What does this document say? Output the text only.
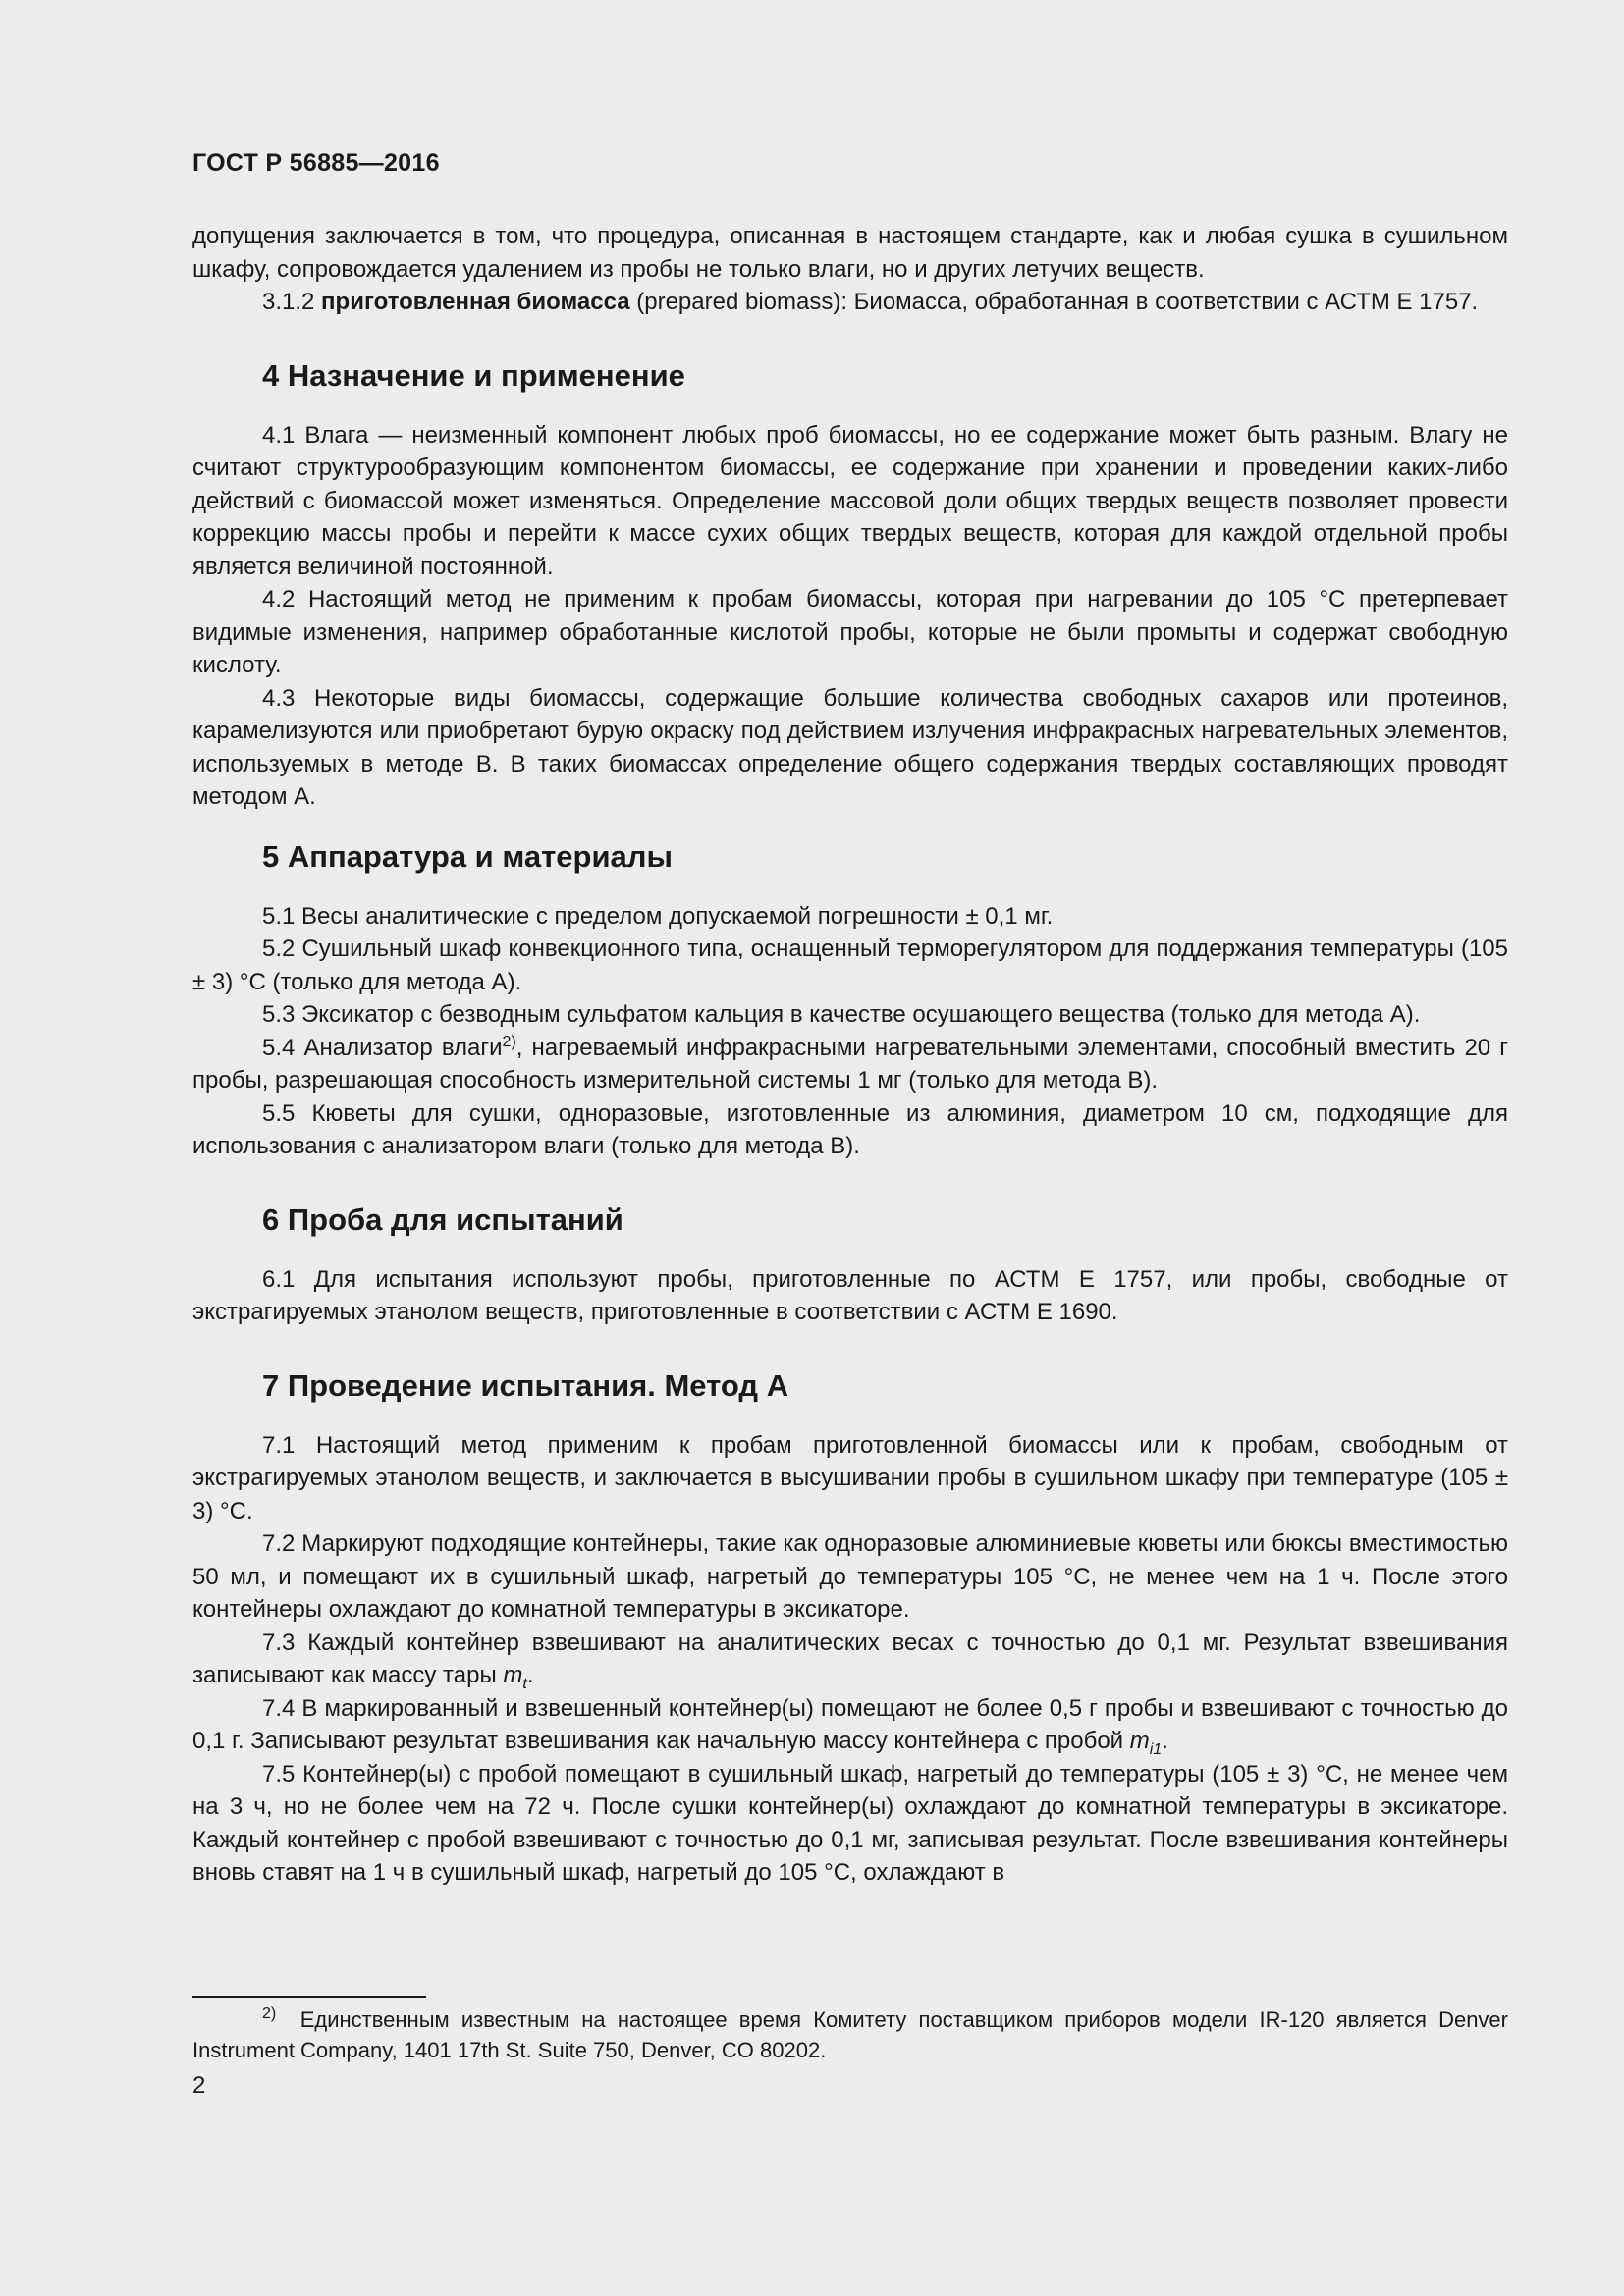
ГОСТ Р 56885—2016

допущения заключается в том, что процедура, описанная в настоящем стандарте, как и любая сушка в сушильном шкафу, сопровождается удалением из пробы не только влаги, но и других летучих веществ.

3.1.2 приготовленная биомасса (prepared biomass): Биомасса, обработанная в соответствии с АСТМ Е 1757.

4 Назначение и применение

4.1 Влага — неизменный компонент любых проб биомассы, но ее содержание может быть разным. Влагу не считают структурообразующим компонентом биомассы, ее содержание при хранении и проведении каких-либо действий с биомассой может изменяться. Определение массовой доли общих твердых веществ позволяет провести коррекцию массы пробы и перейти к массе сухих общих твердых веществ, которая для каждой отдельной пробы является величиной постоянной.

4.2 Настоящий метод не применим к пробам биомассы, которая при нагревании до 105 °С претерпевает видимые изменения, например обработанные кислотой пробы, которые не были промыты и содержат свободную кислоту.

4.3 Некоторые виды биомассы, содержащие большие количества свободных сахаров или протеинов, карамелизуются или приобретают бурую окраску под действием излучения инфракрасных нагревательных элементов, используемых в методе В. В таких биомассах определение общего содержания твердых составляющих проводят методом А.

5 Аппаратура и материалы

5.1 Весы аналитические с пределом допускаемой погрешности ± 0,1 мг.

5.2 Сушильный шкаф конвекционного типа, оснащенный терморегулятором для поддержания температуры (105 ± 3) °С (только для метода А).

5.3 Эксикатор с безводным сульфатом кальция в качестве осушающего вещества (только для метода А).

5.4 Анализатор влаги$^{2)}$, нагреваемый инфракрасными нагревательными элементами, способный вместить 20 г пробы, разрешающая способность измерительной системы 1 мг (только для метода В).

5.5 Кюветы для сушки, одноразовые, изготовленные из алюминия, диаметром 10 см, подходящие для использования с анализатором влаги (только для метода В).

6 Проба для испытаний

6.1 Для испытания используют пробы, приготовленные по АСТМ Е 1757, или пробы, свободные от экстрагируемых этанолом веществ, приготовленные в соответствии с АСТМ Е 1690.

7 Проведение испытания. Метод А

7.1 Настоящий метод применим к пробам приготовленной биомассы или к пробам, свободным от экстрагируемых этанолом веществ, и заключается в высушивании пробы в сушильном шкафу при температуре (105 ± 3) °С.

7.2 Маркируют подходящие контейнеры, такие как одноразовые алюминиевые кюветы или бюксы вместимостью 50 мл, и помещают их в сушильный шкаф, нагретый до температуры 105 °С, не менее чем на 1 ч. После этого контейнеры охлаждают до комнатной температуры в эксикаторе.

7.3 Каждый контейнер взвешивают на аналитических весах с точностью до 0,1 мг. Результат взвешивания записывают как массу тары $m_t$.

7.4 В маркированный и взвешенный контейнер(ы) помещают не более 0,5 г пробы и взвешивают с точностью до 0,1 г. Записывают результат взвешивания как начальную массу контейнера с пробой $m_{i1}$.

7.5 Контейнер(ы) с пробой помещают в сушильный шкаф, нагретый до температуры (105 ± 3) °С, не менее чем на 3 ч, но не более чем на 72 ч. После сушки контейнер(ы) охлаждают до комнатной температуры в эксикаторе. Каждый контейнер с пробой взвешивают с точностью до 0,1 мг, записывая результат. После взвешивания контейнеры вновь ставят на 1 ч в сушильный шкаф, нагретый до 105 °С, охлаждают в

2) Единственным известным на настоящее время Комитету поставщиком приборов модели IR-120 является Denver Instrument Company, 1401 17th St. Suite 750, Denver, CO 80202.
2
